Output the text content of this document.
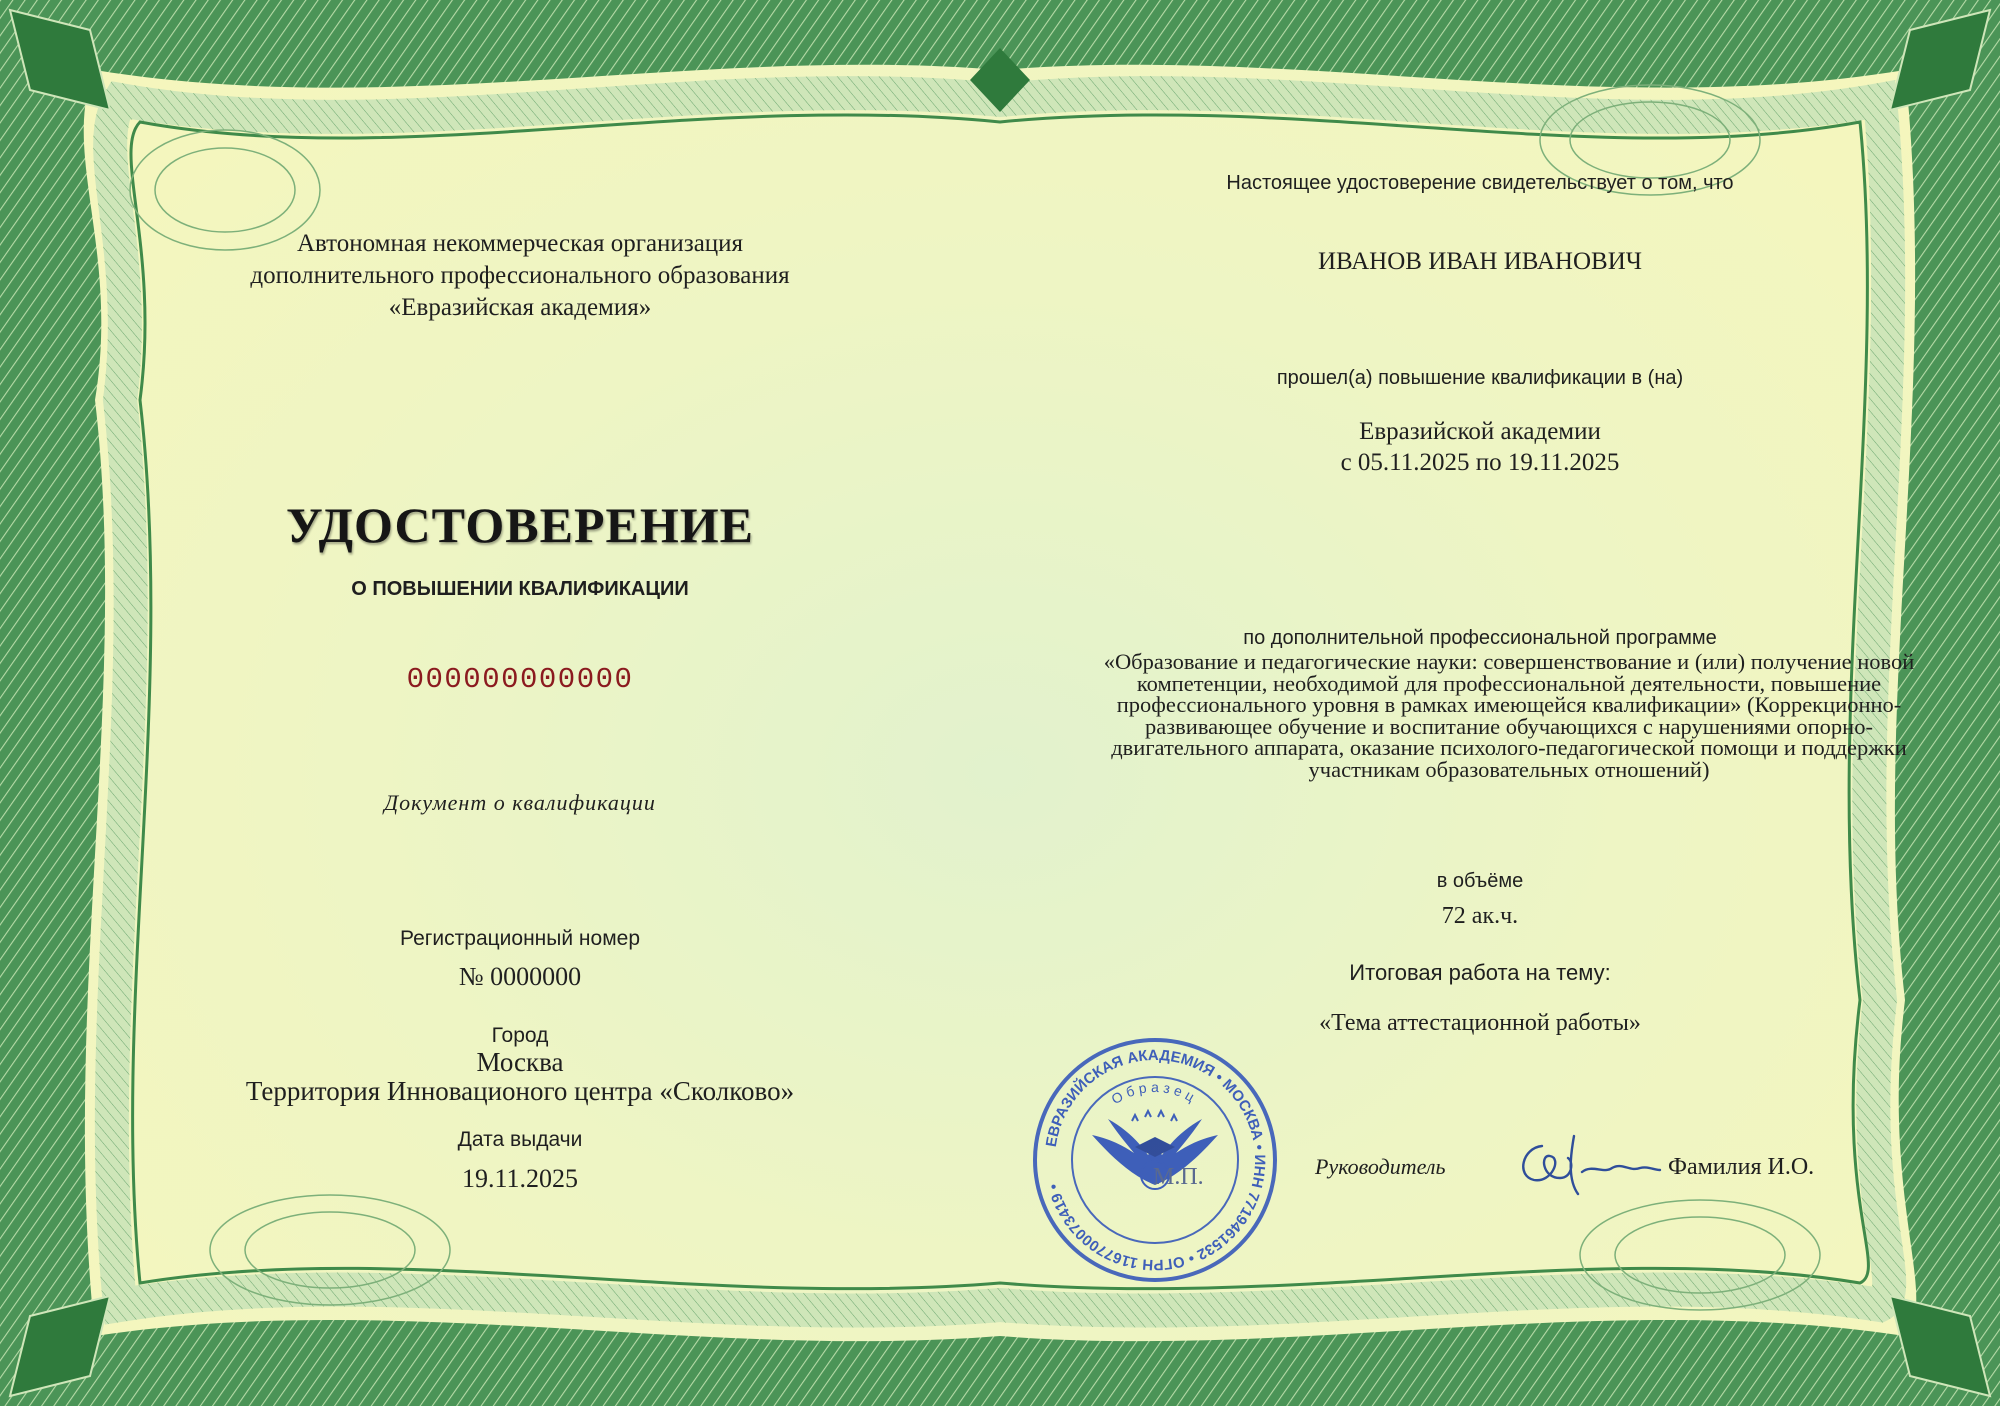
Автономная некоммерческая организация
дополнительного профессионального образования
«Евразийская академия»
УДОСТОВЕРЕНИЕ
О ПОВЫШЕНИИ КВАЛИФИКАЦИИ
000000000000
Документ о квалификации
Регистрационный номер
№ 0000000
Город
Москва
Территория Инновационого центра «Сколково»
Дата выдачи
19.11.2025
Настоящее удостоверение свидетельствует о том, что
ИВАНОВ ИВАН ИВАНОВИЧ
прошел(а) повышение квалификации в (на)
Евразийской академии
с 05.11.2025 по 19.11.2025
по дополнительной профессиональной программе
«Образование и педагогические науки: совершенствование и (или) получение новой компетенции, необходимой для профессиональной деятельности, повышение профессионального уровня в рамках имеющейся квалификации» (Коррекционно-развивающее обучение и воспитание обучающихся с нарушениями опорно-двигательного аппарата, оказание психолого-педагогической помощи и поддержки участникам образовательных отношений)
в объёме
72 ак.ч.
Итоговая работа на тему:
«Тема аттестационной работы»
Руководитель	Фамилия И.О.
ЕВРАЗИЙСКАЯ АКАДЕМИЯ • МОСКВА • ИНН 7719461532 • ОГРН 1167700073419 •
Образец
М.П.
